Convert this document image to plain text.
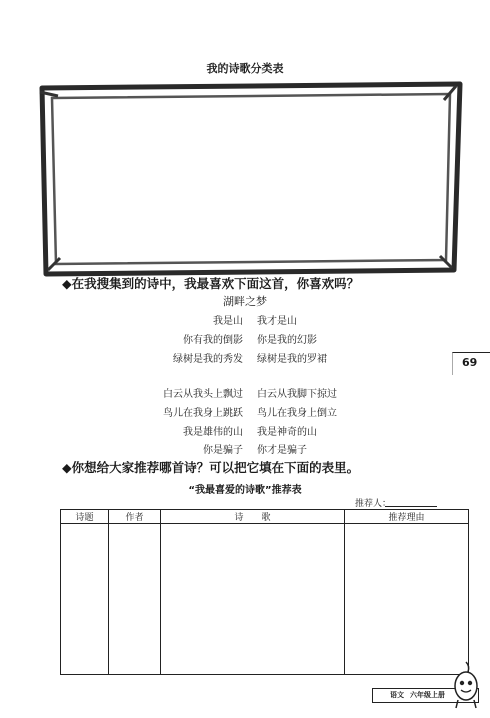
我的诗歌分类表
◆在我搜集到的诗中，我最喜欢下面这首，你喜欢吗？
湖畔之梦
我是山 我才是山
你有我的倒影 你是我的幻影
绿树是我的秀发 绿树是我的罗裙
白云从我头上飘过 白云从我脚下掠过
鸟儿在我身上跳跃 鸟儿在我身上倒立
我是雄伟的山 我是神奇的山
你是骗子 你才是骗子
◆你想给大家推荐哪首诗？可以把它填在下面的表里。
“我最喜爱的诗歌”推荐表
推荐人：
诗题	作者	诗　　歌	推荐理由

69
语文 六年级上册
